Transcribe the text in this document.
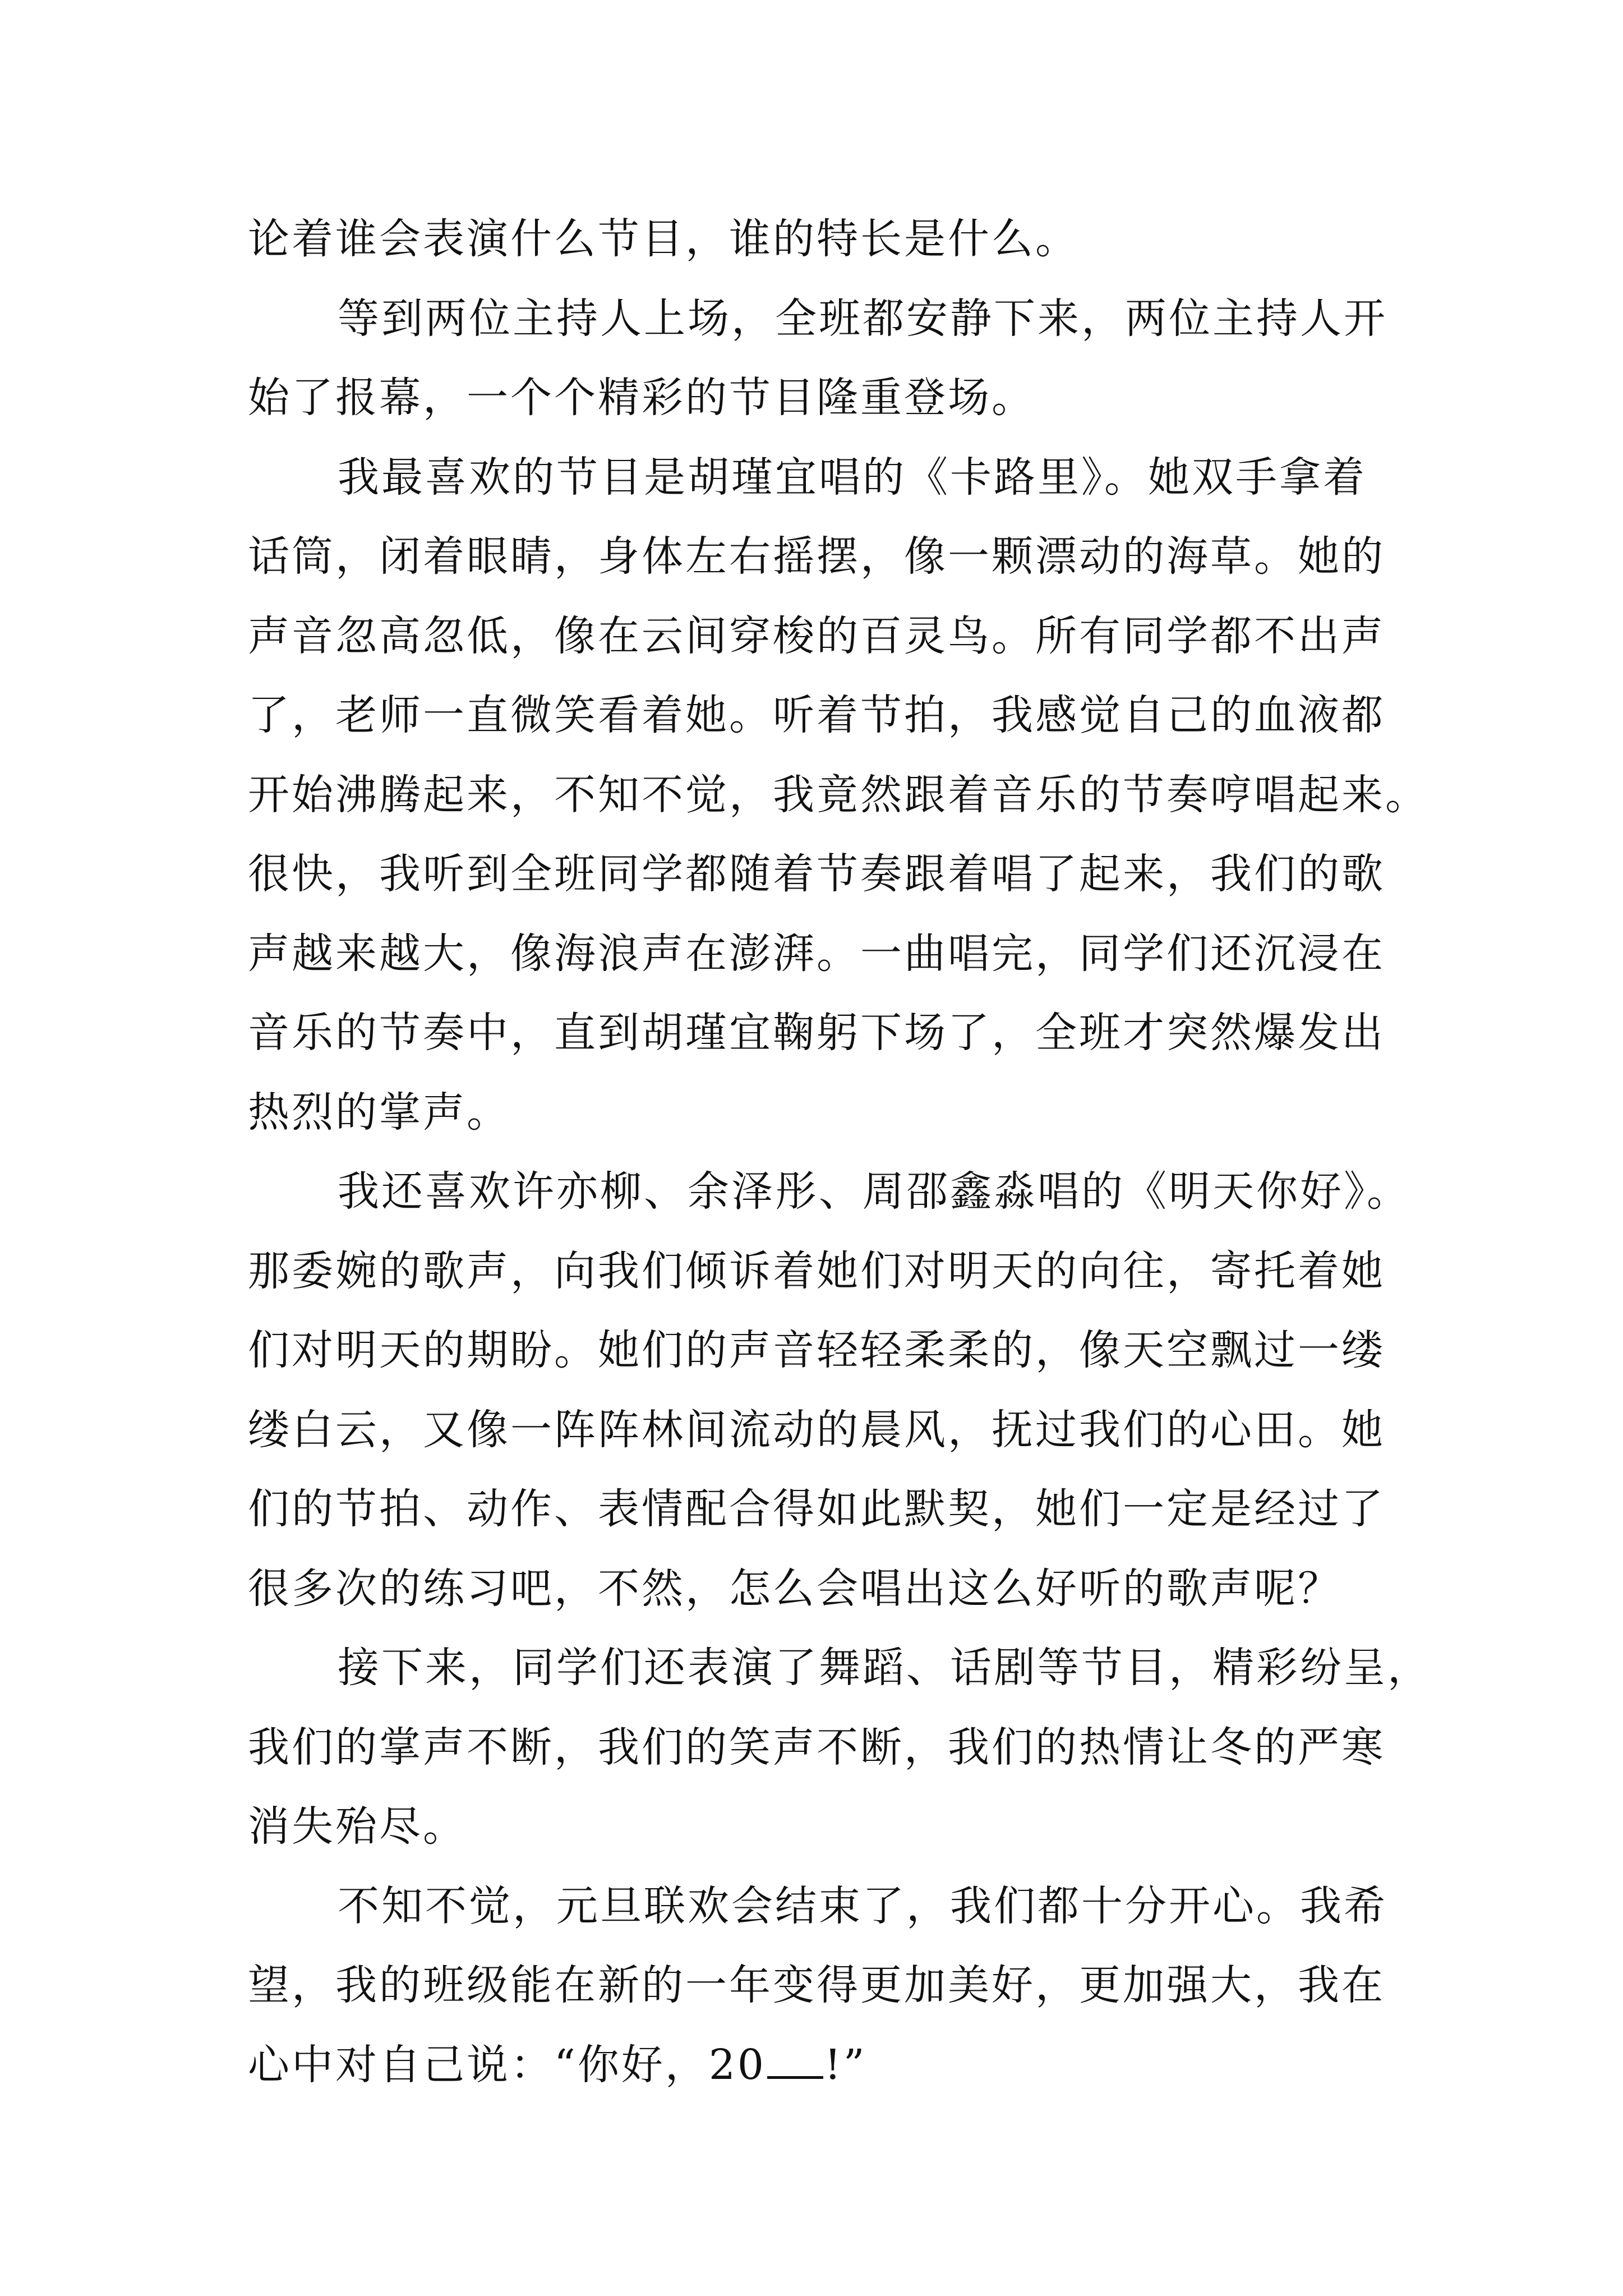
论着谁会表演什么节目，谁的特长是什么。
等到两位主持人上场，全班都安静下来，两位主持人开
始了报幕，一个个精彩的节目隆重登场。
我最喜欢的节目是胡瑾宜唱的《卡路里》。她双手拿着
话筒，闭着眼睛，身体左右摇摆，像一颗漂动的海草。她的
声音忽高忽低，像在云间穿梭的百灵鸟。所有同学都不出声
了，老师一直微笑看着她。听着节拍，我感觉自己的血液都
开始沸腾起来，不知不觉，我竟然跟着音乐的节奏哼唱起来。
很快，我听到全班同学都随着节奏跟着唱了起来，我们的歌
声越来越大，像海浪声在澎湃。一曲唱完，同学们还沉浸在
音乐的节奏中，直到胡瑾宜鞠躬下场了，全班才突然爆发出
热烈的掌声。
我还喜欢许亦柳、余泽彤、周邵鑫淼唱的《明天你好》。
那委婉的歌声，向我们倾诉着她们对明天的向往，寄托着她
们对明天的期盼。她们的声音轻轻柔柔的，像天空飘过一缕
缕白云，又像一阵阵林间流动的晨风，抚过我们的心田。她
们的节拍、动作、表情配合得如此默契，她们一定是经过了
很多次的练习吧，不然，怎么会唱出这么好听的歌声呢？
接下来，同学们还表演了舞蹈、话剧等节目，精彩纷呈，
我们的掌声不断，我们的笑声不断，我们的热情让冬的严寒
消失殆尽。
不知不觉，元旦联欢会结束了，我们都十分开心。我希
望，我的班级能在新的一年变得更加美好，更加强大，我在
心中对自己说：“你好，20 !”
